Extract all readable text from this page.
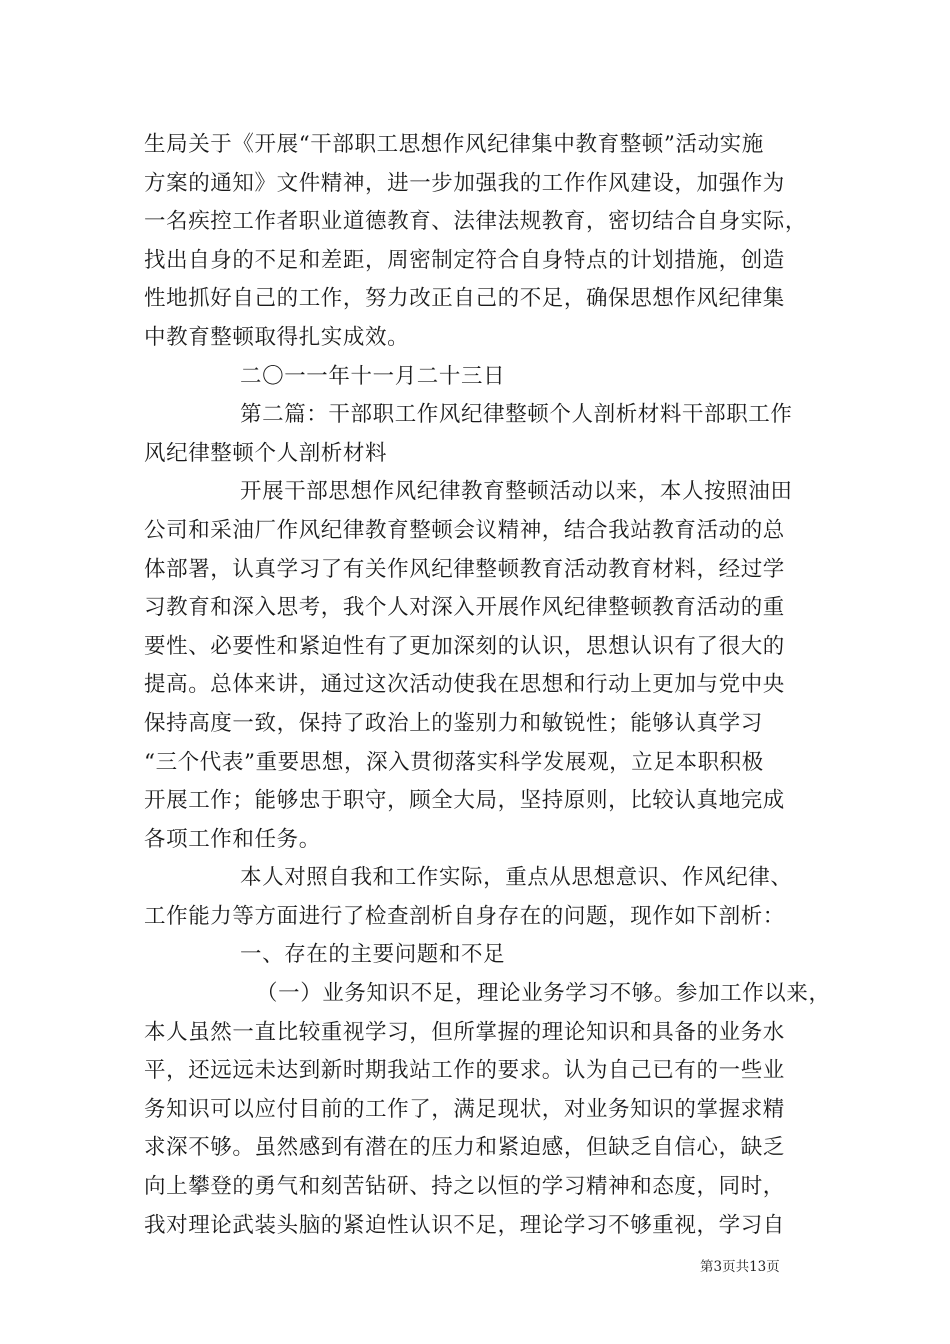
生局关于《开展“干部职工思想作风纪律集中教育整顿”活动实施
方案的通知》文件精神，进一步加强我的工作作风建设，加强作为
一名疾控工作者职业道德教育、法律法规教育，密切结合自身实际，
找出自身的不足和差距，周密制定符合自身特点的计划措施，创造
性地抓好自己的工作，努力改正自己的不足，确保思想作风纪律集
中教育整顿取得扎实成效。
二〇一一年十一月二十三日
第二篇：干部职工作风纪律整顿个人剖析材料干部职工作
风纪律整顿个人剖析材料
开展干部思想作风纪律教育整顿活动以来，本人按照油田
公司和采油厂作风纪律教育整顿会议精神，结合我站教育活动的总
体部署，认真学习了有关作风纪律整顿教育活动教育材料，经过学
习教育和深入思考，我个人对深入开展作风纪律整顿教育活动的重
要性、必要性和紧迫性有了更加深刻的认识，思想认识有了很大的
提高。总体来讲，通过这次活动使我在思想和行动上更加与党中央
保持高度一致，保持了政治上的鉴别力和敏锐性；能够认真学习
“三个代表”重要思想，深入贯彻落实科学发展观，立足本职积极
开展工作；能够忠于职守，顾全大局，坚持原则，比较认真地完成
各项工作和任务。
本人对照自我和工作实际，重点从思想意识、作风纪律、
工作能力等方面进行了检查剖析自身存在的问题，现作如下剖析：
一、存在的主要问题和不足
（一）业务知识不足，理论业务学习不够。参加工作以来，
本人虽然一直比较重视学习，但所掌握的理论知识和具备的业务水
平，还远远未达到新时期我站工作的要求。认为自己已有的一些业
务知识可以应付目前的工作了，满足现状，对业务知识的掌握求精
求深不够。虽然感到有潜在的压力和紧迫感，但缺乏自信心，缺乏
向上攀登的勇气和刻苦钻研、持之以恒的学习精神和态度，同时，
我对理论武装头脑的紧迫性认识不足，理论学习不够重视，学习自
第3页共13页
